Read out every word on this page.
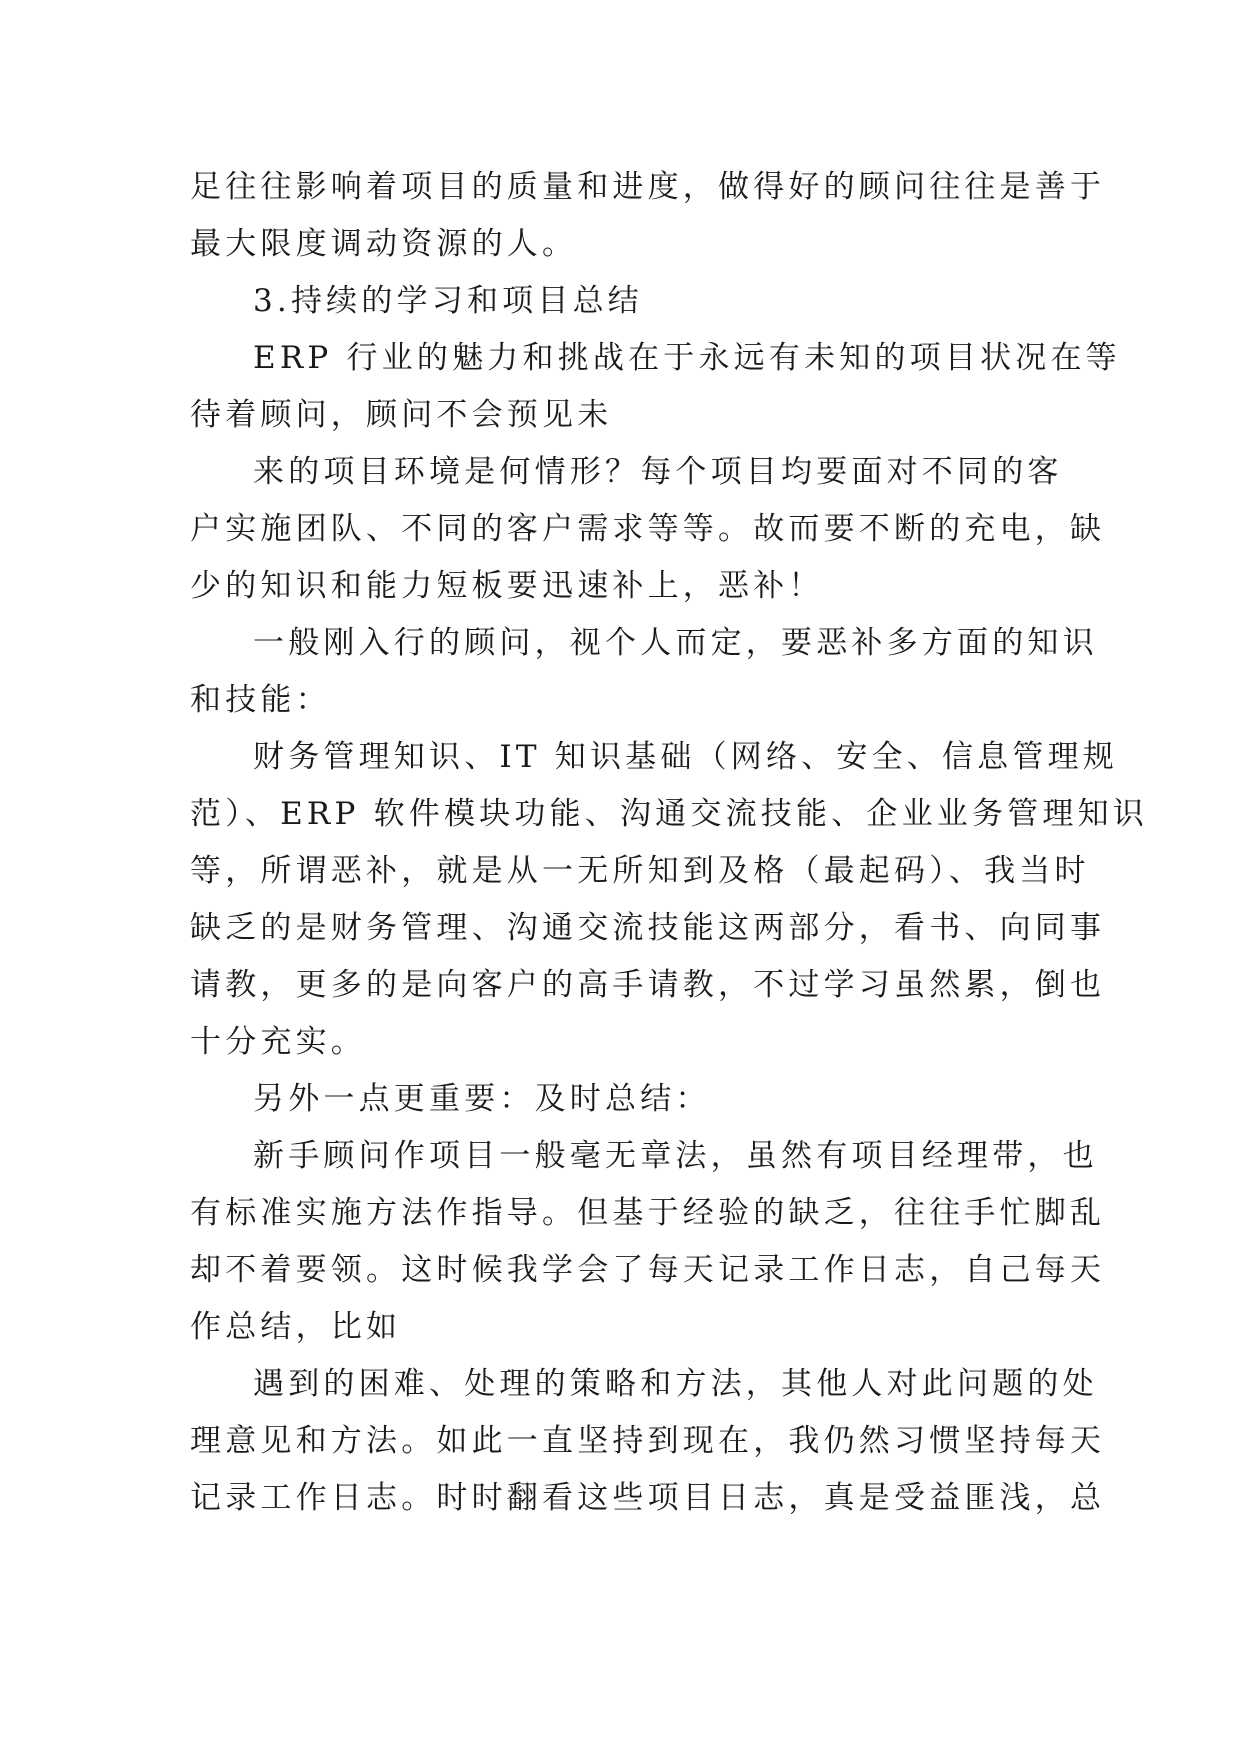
足往往影响着项目的质量和进度，做得好的顾问往往是善于
最大限度调动资源的人。
3.持续的学习和项目总结
ERP 行业的魅力和挑战在于永远有未知的项目状况在等
待着顾问，顾问不会预见未
来的项目环境是何情形？每个项目均要面对不同的客
户实施团队、不同的客户需求等等。故而要不断的充电，缺
少的知识和能力短板要迅速补上，恶补！
一般刚入行的顾问，视个人而定，要恶补多方面的知识
和技能：
财务管理知识、IT 知识基础（网络、安全、信息管理规
范）、ERP 软件模块功能、沟通交流技能、企业业务管理知识
等，所谓恶补，就是从一无所知到及格（最起码）、我当时
缺乏的是财务管理、沟通交流技能这两部分，看书、向同事
请教，更多的是向客户的高手请教，不过学习虽然累，倒也
十分充实。
另外一点更重要：及时总结：
新手顾问作项目一般毫无章法，虽然有项目经理带，也
有标准实施方法作指导。但基于经验的缺乏，往往手忙脚乱
却不着要领。这时候我学会了每天记录工作日志，自己每天
作总结，比如
遇到的困难、处理的策略和方法，其他人对此问题的处
理意见和方法。如此一直坚持到现在，我仍然习惯坚持每天
记录工作日志。时时翻看这些项目日志，真是受益匪浅，总
